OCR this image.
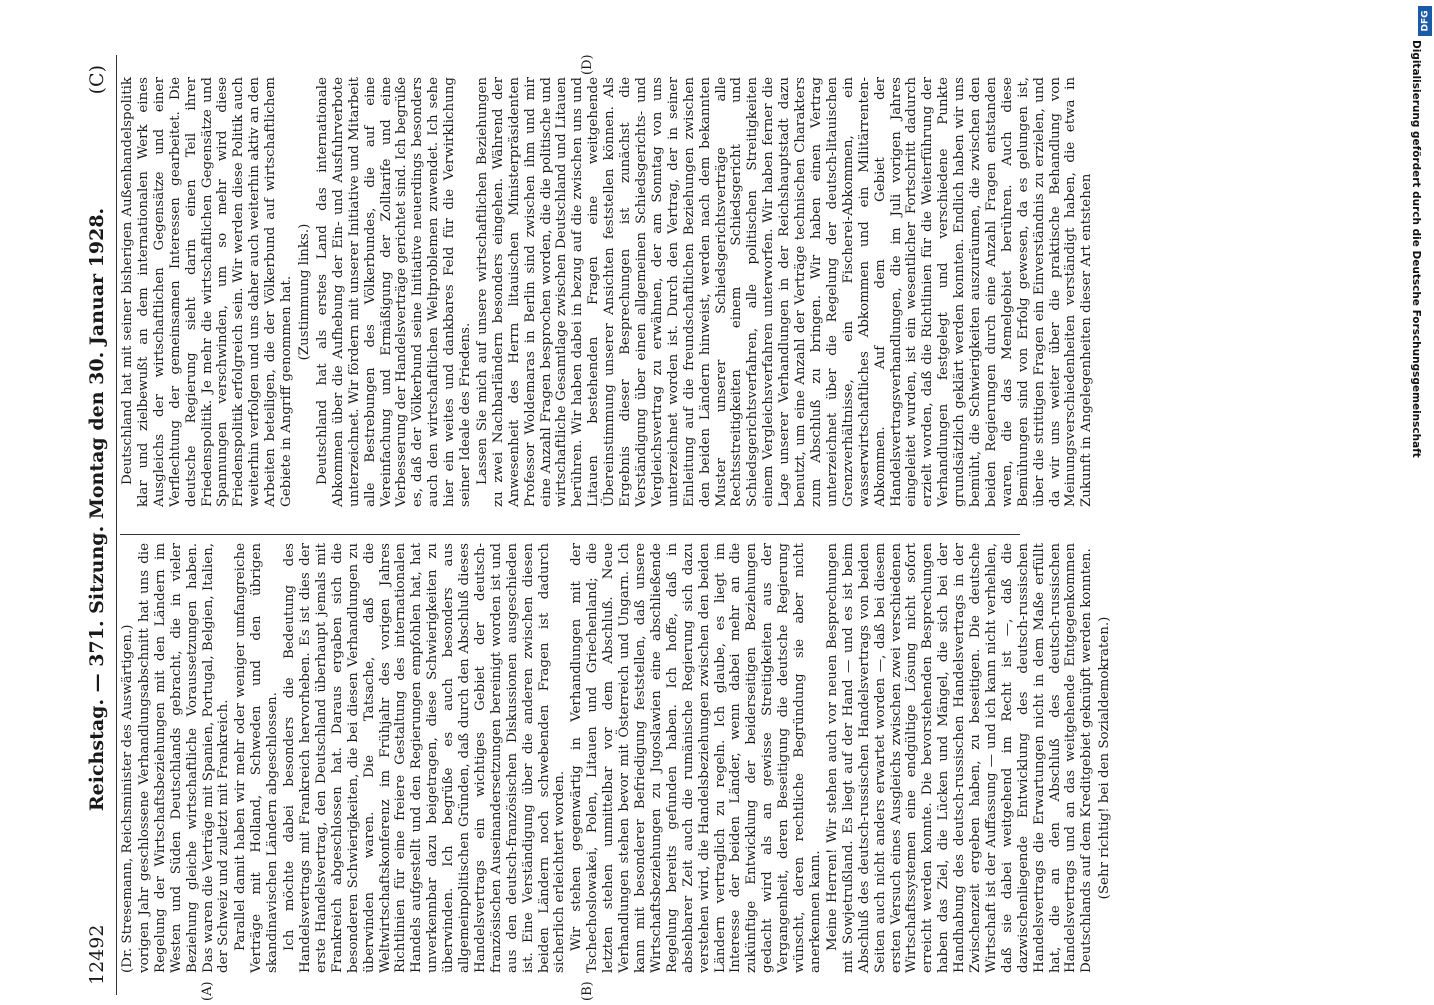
12492
Reichstag. — 371. Sitzung. Montag den 30. Januar 1928.
(C)
(A)	(B)
(D)

(Dr. Stresemann, Reichsminister des Auswärtigen.) vorigen Jahr geschlossene Verhandlungsabschnitt hat uns die Regelung der Wirtschaftsbeziehungen mit den Ländern im Westen und Süden Deutschlands gebracht, die in vieler Beziehung gleiche wirtschaftliche Voraussetzungen haben. Das waren die Verträge mit Spanien, Portugal, Belgien, Italien, der Schweiz und zuletzt mit Frankreich. Parallel damit haben wir mehr oder weniger umfangreiche Verträge mit Holland, Schweden und den übrigen skandinavischen Ländern abgeschlossen. Ich möchte dabei besonders die Bedeutung des Handelsvertrags mit Frankreich hervorheben. Es ist dies der erste Handelsvertrag, den Deutschland überhaupt jemals mit Frankreich abgeschlossen hat. Daraus ergaben sich die besonderen Schwierigkeiten, die bei diesen Verhandlungen zu überwinden waren. Die Tatsache, daß die Weltwirtschaftskonferenz im Frühjahr des vorigen Jahres Richtlinien für eine freiere Gestaltung des internationalen Handels aufgestellt und den Regierungen empfohlen hat, hat unverkennbar dazu beigetragen, diese Schwierigkeiten zu überwinden. Ich begrüße es auch besonders aus allgemeinpolitischen Gründen, daß durch den Abschluß dieses Handelsvertrags ein wichtiges Gebiet der deutsch-französischen Auseinandersetzungen bereinigt worden ist und aus den deutsch-französischen Diskussionen ausgeschieden ist. Eine Verständigung über die anderen zwischen diesen beiden Ländern noch schwebenden Fragen ist dadurch sicherlich erleichtert worden. Wir stehen gegenwärtig in Verhandlungen mit der Tschechoslowakei, Polen, Litauen und Griechenland; die letzten stehen unmittelbar vor dem Abschluß. Neue Verhandlungen stehen bevor mit Österreich und Ungarn. Ich kann mit besonderer Befriedigung feststellen, daß unsere Wirtschaftsbeziehungen zu Jugoslawien eine abschließende Regelung bereits gefunden haben. Ich hoffe, daß in absehbarer Zeit auch die rumänische Regierung sich dazu verstehen wird, die Handelsbeziehungen zwischen den beiden Ländern vertraglich zu regeln. Ich glaube, es liegt im Interesse der beiden Länder, wenn dabei mehr an die zukünftige Entwicklung der beiderseitigen Beziehungen gedacht wird als an gewisse Streitigkeiten aus der Vergangenheit, deren Beseitigung die deutsche Regierung wünscht, deren rechtliche Begründung sie aber nicht anerkennen kann. Meine Herren! Wir stehen auch vor neuen Besprechungen mit Sowjetrußland. Es liegt auf der Hand — und es ist beim Abschluß des deutsch-russischen Handelsvertrags von beiden Seiten auch nicht anders erwartet worden —, daß bei diesem ersten Versuch eines Ausgleichs zwischen zwei verschiedenen Wirtschaftssystemen eine endgültige Lösung nicht sofort erreicht werden konnte. Die bevorstehenden Besprechungen haben das Ziel, die Lücken und Mängel, die sich bei der Handhabung des deutsch-russischen Handelsvertrags in der Zwischenzeit ergeben haben, zu beseitigen. Die deutsche Wirtschaft ist der Auffassung — und ich kann nicht verhehlen, daß sie dabei weitgehend im Recht ist —, daß die dazwischenliegende Entwicklung des deutsch-russischen Handelsvertrags die Erwartungen nicht in dem Maße erfüllt hat, die an den Abschluß des deutsch-russischen Handelsvertrags und an das weitgehende Entgegenkommen Deutschlands auf dem Kreditgebiet geknüpft werden konnten. (Sehr richtig! bei den Sozialdemokraten.)

Deutschland hat mit seiner bisherigen Außenhandelspolitik klar und zielbewußt an dem internationalen Werk eines Ausgleichs der wirtschaftlichen Gegensätze und einer Verflechtung der gemeinsamen Interessen gearbeitet. Die deutsche Regierung sieht darin einen Teil ihrer Friedenspolitik. Je mehr die wirtschaftlichen Gegensätze und Spannungen verschwinden, um so mehr wird diese Friedenspolitik erfolgreich sein. Wir werden diese Politik auch weiterhin verfolgen und uns daher auch weiterhin aktiv an den Arbeiten beteiligen, die der Völkerbund auf wirtschaftlichem Gebiete in Angriff genommen hat. (Zustimmung links.) Deutschland hat als erstes Land das internationale Abkommen über die Aufhebung der Ein- und Ausfuhrverbote unterzeichnet. Wir fördern mit unserer Initiative und Mitarbeit alle Bestrebungen des Völkerbundes, die auf eine Vereinfachung und Ermäßigung der Zolltarife und eine Verbesserung der Handelsverträge gerichtet sind. Ich begrüße es, daß der Völkerbund seine Initiative neuerdings besonders auch den wirtschaftlichen Weltproblemen zuwendet. Ich sehe hier ein weites und dankbares Feld für die Verwirklichung seiner Ideale des Friedens. Lassen Sie mich auf unsere wirtschaftlichen Beziehungen zu zwei Nachbarländern besonders eingehen. Während der Anwesenheit des Herrn litauischen Ministerpräsidenten Professor Woldemaras in Berlin sind zwischen ihm und mir eine Anzahl Fragen besprochen worden, die die politische und wirtschaftliche Gesamtlage zwischen Deutschland und Litauen berühren. Wir haben dabei in bezug auf die zwischen uns und Litauen bestehenden Fragen eine weitgehende Übereinstimmung unserer Ansichten feststellen können. Als Ergebnis dieser Besprechungen ist zunächst die Verständigung über einen allgemeinen Schiedsgerichts- und Vergleichsvertrag zu erwähnen, der am Sonntag von uns unterzeichnet worden ist. Durch den Vertrag, der in seiner Einleitung auf die freundschaftlichen Beziehungen zwischen den beiden Ländern hinweist, werden nach dem bekannten Muster unserer Schiedsgerichtsverträge alle Rechtsstreitigkeiten einem Schiedsgericht und Schiedsgerichtsverfahren, alle politischen Streitigkeiten einem Vergleichsverfahren unterworfen. Wir haben ferner die Lage unserer Verhandlungen in der Reichshauptstadt dazu benutzt, um eine Anzahl der Verträge technischen Charakters zum Abschluß zu bringen. Wir haben einen Vertrag unterzeichnet über die Regelung der deutsch-litauischen Grenzverhältnisse, ein Fischerei-Abkommen, ein wasserwirtschaftliches Abkommen und ein Militärrenten-Abkommen. Auf dem Gebiet der Handelsvertragsverhandlungen, die im Juli vorigen Jahres eingeleitet wurden, ist ein wesentlicher Fortschritt dadurch erzielt worden, daß die Richtlinien für die Weiterführung der Verhandlungen festgelegt und verschiedene Punkte grundsätzlich geklärt werden konnten. Endlich haben wir uns bemüht, die Schwierigkeiten auszuräumen, die zwischen den beiden Regierungen durch eine Anzahl Fragen entstanden waren, die das Memelgebiet berühren. Auch diese Bemühungen sind von Erfolg gewesen, da es gelungen ist, über die strittigen Fragen ein Einverständnis zu erzielen, und da wir uns weiter über die praktische Behandlung von Meinungsverschiedenheiten verständigt haben, die etwa in Zukunft in Angelegenheiten dieser Art entstehen

DFG
Digitalisierung gefördert durch die Deutsche Forschungsgemeinschaft
